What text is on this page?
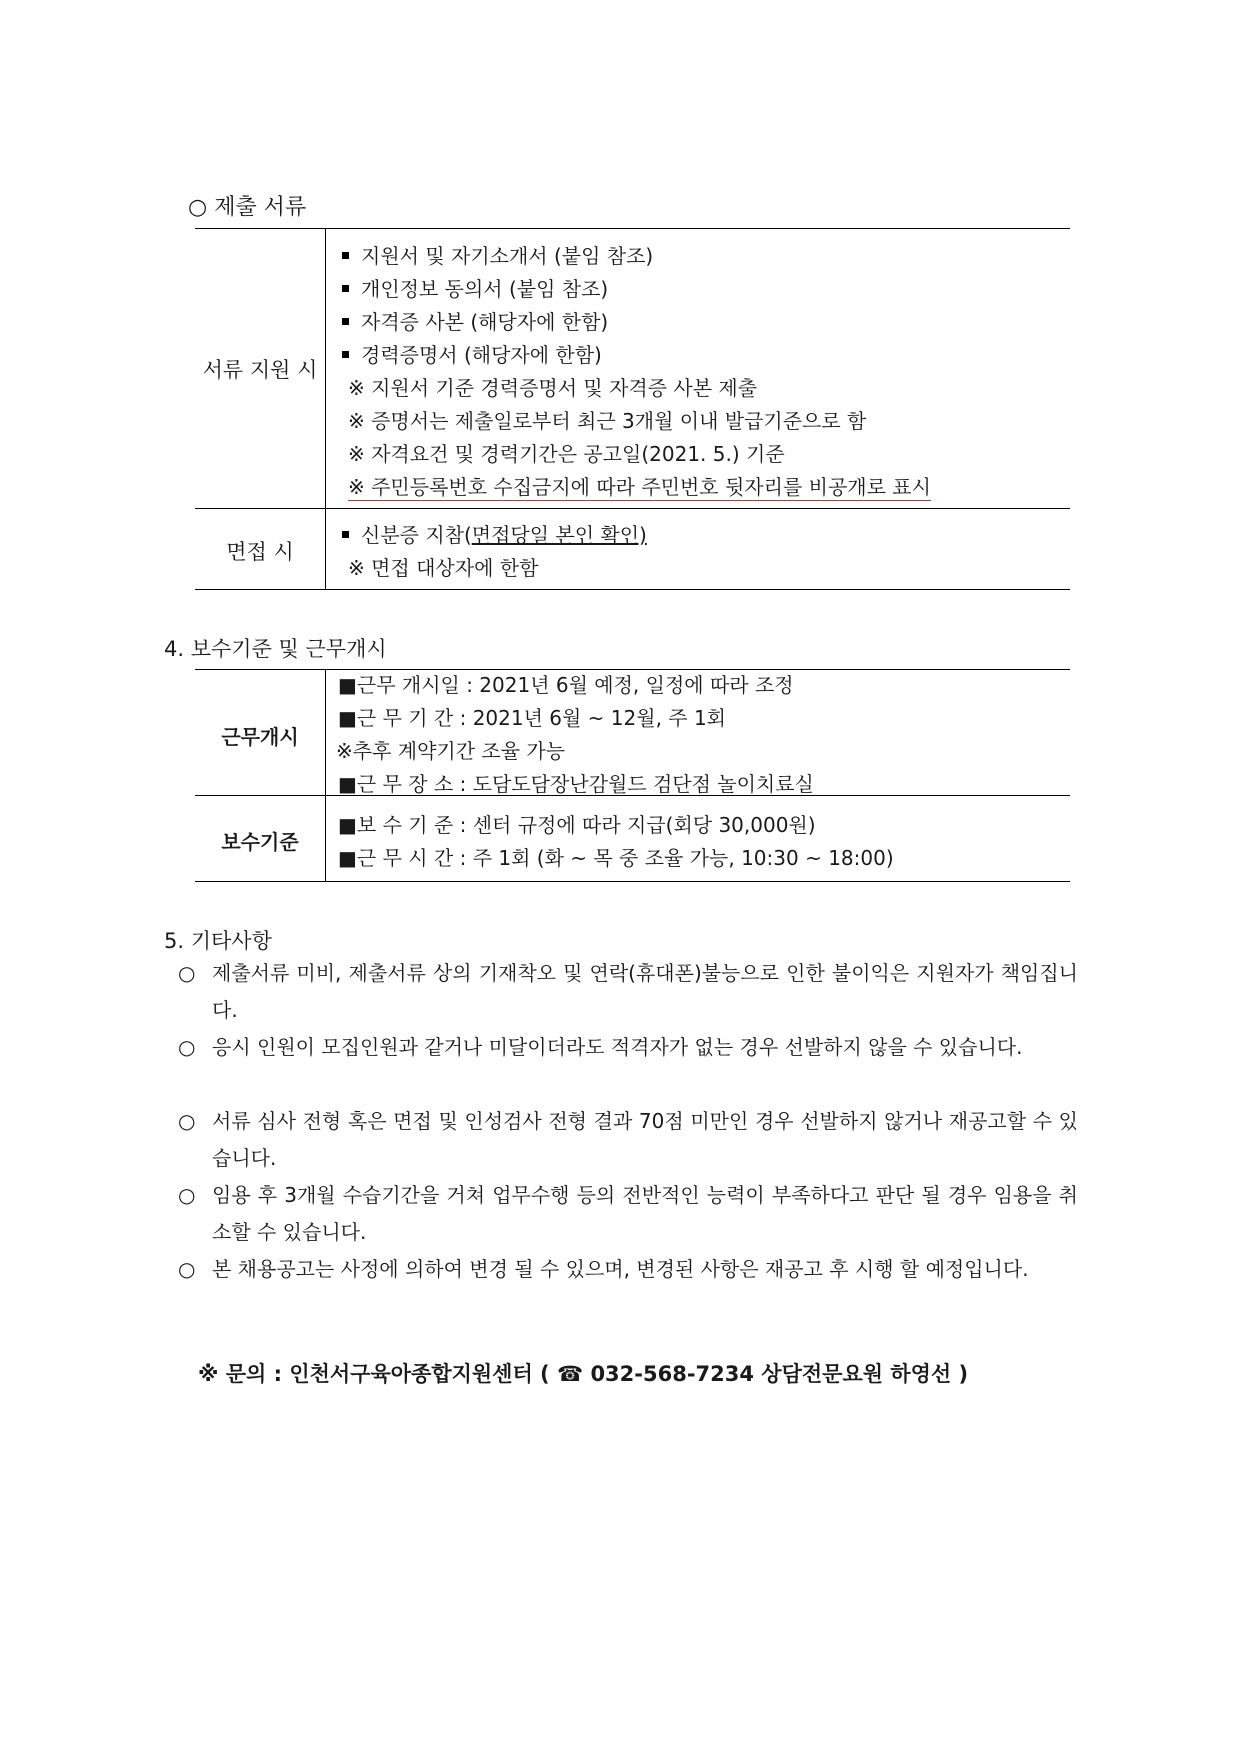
○ 제출 서류
서류 지원 시
지원서 및 자기소개서 (붙임 참조)
개인정보 동의서 (붙임 참조)
자격증 사본 (해당자에 한함)
경력증명서 (해당자에 한함)
※ 지원서 기준 경력증명서 및 자격증 사본 제출
※ 증명서는 제출일로부터 최근 3개월 이내 발급기준으로 함
※ 자격요건 및 경력기간은 공고일(2021. 5.) 기준
※ 주민등록번호 수집금지에 따라 주민번호 뒷자리를 비공개로 표시
면접 시
신분증 지참(면접당일 본인 확인)
※ 면접 대상자에 한함
4. 보수기준 및 근무개시
근무개시
■근무 개시일 : 2021년 6월 예정, 일정에 따라 조정
■근 무 기 간 : 2021년 6월 ~ 12월, 주 1회
※추후 계약기간 조율 가능
■근 무 장 소 : 도담도담장난감월드 검단점 놀이치료실
보수기준
■보 수 기 준 : 센터 규정에 따라 지급(회당 30,000원)
■근 무 시 간 : 주 1회 (화 ~ 목 중 조율 가능, 10:30 ~ 18:00)
5. 기타사항
○ 제출서류 미비, 제출서류 상의 기재착오 및 연락(휴대폰)불능으로 인한 불이익은 지원자가 책임집니다.
○ 응시 인원이 모집인원과 같거나 미달이더라도 적격자가 없는 경우 선발하지 않을 수 있습니다.
○ 서류 심사 전형 혹은 면접 및 인성검사 전형 결과 70점 미만인 경우 선발하지 않거나 재공고할 수 있습니다.
○ 임용 후 3개월 수습기간을 거쳐 업무수행 등의 전반적인 능력이 부족하다고 판단 될 경우 임용을 취소할 수 있습니다.
○ 본 채용공고는 사정에 의하여 변경 될 수 있으며, 변경된 사항은 재공고 후 시행 할 예정입니다.
※ 문의 : 인천서구육아종합지원센터 ( ☎ 032-568-7234 상담전문요원 하영선 )
